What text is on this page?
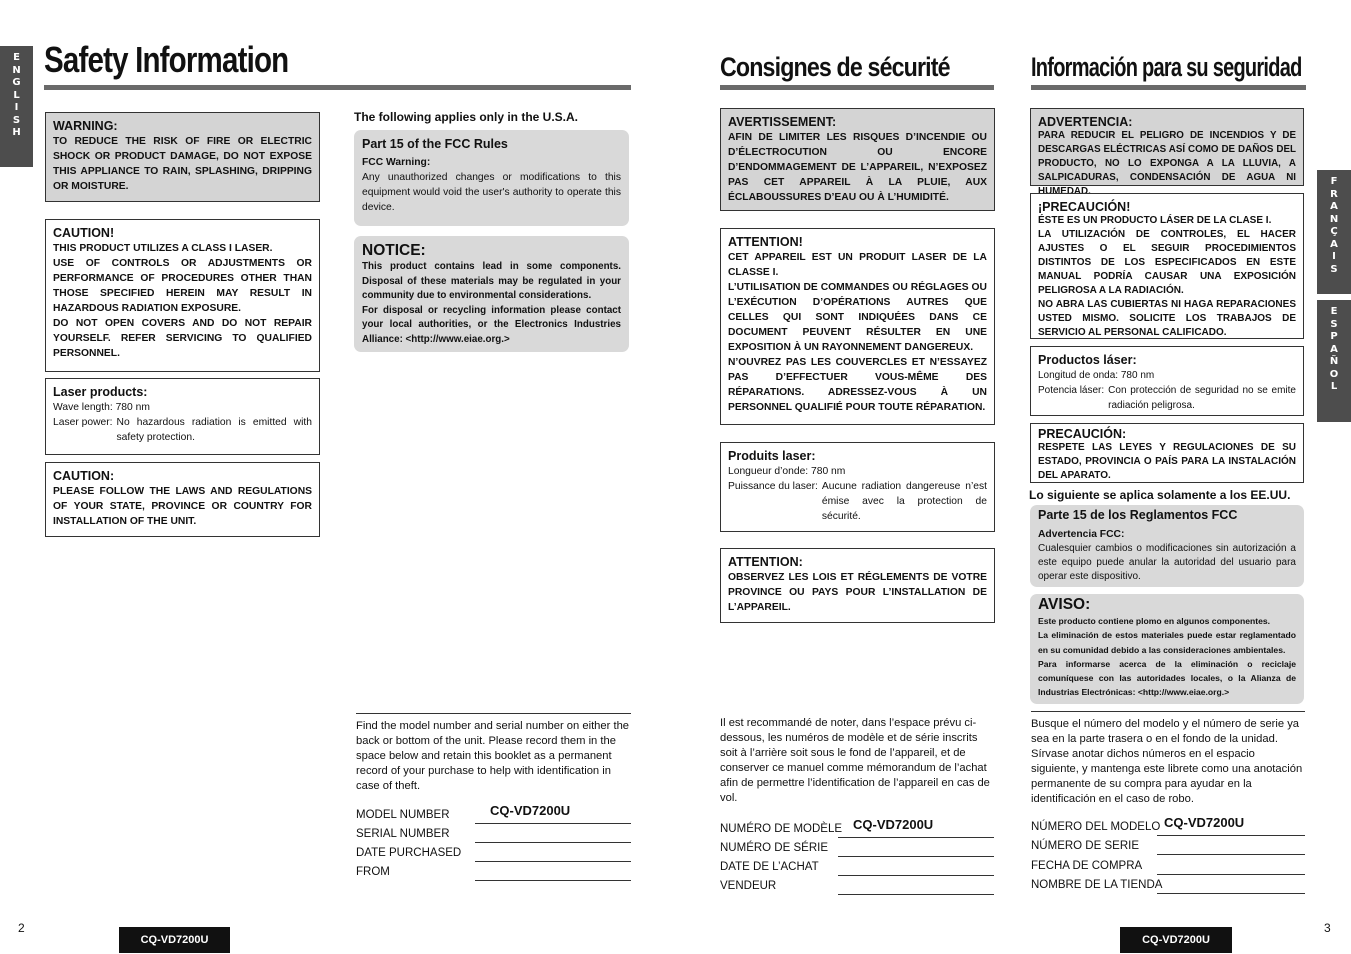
E
N
G
L
I
S
H
F
R
A
N
Ç
A
I
S
E
S
P
A
Ñ
O
L
Safety Information
WARNING:
TO REDUCE THE RISK OF FIRE OR ELECTRIC SHOCK OR PRODUCT DAMAGE, DO NOT EXPOSE THIS APPLIANCE TO RAIN, SPLASHING, DRIPPING OR MOISTURE.
CAUTION!

THIS PRODUCT UTILIZES A CLASS I LASER.

USE OF CONTROLS OR ADJUSTMENTS OR PERFORMANCE OF PROCEDURES OTHER THAN THOSE SPECIFIED HEREIN MAY RESULT IN HAZARDOUS RADIATION EXPOSURE.

DO NOT OPEN COVERS AND DO NOT REPAIR YOURSELF. REFER SERVICING TO QUALIFIED PERSONNEL.

Laser products:
Wave length: 780 nm
Laser power: No hazardous radiation is emitted with safety protection.
CAUTION:
PLEASE FOLLOW THE LAWS AND REGULATIONS OF YOUR STATE, PROVINCE OR COUNTRY FOR INSTALLATION OF THE UNIT.
The following applies only in the U.S.A.
Part 15 of the FCC Rules
FCC Warning:
Any unauthorized changes or modifications to this equipment would void the user's authority to operate this device.
NOTICE:
This product contains lead in some components. Disposal of these materials may be regulated in your community due to environmental considerations.
For disposal or recycling information please contact your local authorities, or the Electronics Industries Alliance: <http://www.eiae.org.>
Find the model number and serial number on either the back or bottom of the unit. Please record them in the space below and retain this booklet as a permanent record of your purchase to help with identification in case of theft.
MODEL NUMBER	CQ-VD7200U
SERIAL NUMBER
DATE PURCHASED
FROM
2
CQ-VD7200U
Consignes de sécurité
AVERTISSEMENT:
AFIN DE LIMITER LES RISQUES D’INCENDIE OU D’ÉLECTROCUTION OU ENCORE D’ENDOMMAGEMENT DE L’APPAREIL, N’EXPOSEZ PAS CET APPAREIL À LA PLUIE, AUX ÉCLABOUSSURES D’EAU OU À L’HUMIDITÉ.
ATTENTION!

CET APPAREIL EST UN PRODUIT LASER DE LA CLASSE I.

L’UTILISATION DE COMMANDES OU RÉGLAGES OU L’EXÉCUTION D’OPÉRATIONS AUTRES QUE CELLES QUI SONT INDIQUÉES DANS CE DOCUMENT PEUVENT RÉSULTER EN UNE EXPOSITION À UN RAYONNEMENT DANGEREUX.

N’OUVREZ PAS LES COUVERCLES ET N’ESSAYEZ PAS D’EFFECTUER VOUS-MÊME DES RÉPARATIONS. ADRESSEZ-VOUS À UN PERSONNEL QUALIFIÉ POUR TOUTE RÉPARATION.

Produits laser:
Longueur d’onde: 780 nm
Puissance du laser: Aucune radiation dangereuse n’est émise avec la protection de sécurité.
ATTENTION:
OBSERVEZ LES LOIS ET RÉGLEMENTS DE VOTRE PROVINCE OU PAYS POUR L’INSTALLATION DE L’APPAREIL.
Il est recommandé de noter, dans l’espace prévu ci-dessous, les numéros de modèle et de série inscrits soit à l’arrière soit sous le fond de l’appareil, et de conserver ce manuel comme mémorandum de l’achat afin de permettre l’identification de l’appareil en cas de vol.
NUMÉRO DE MODÈLE CQ-VD7200U
NUMÉRO DE SÉRIE
DATE DE L’ACHAT
VENDEUR
Información para su seguridad
ADVERTENCIA:
PARA REDUCIR EL PELIGRO DE INCENDIOS Y DE DESCARGAS ELÉCTRICAS ASÍ COMO DE DAÑOS DEL PRODUCTO, NO LO EXPONGA A LA LLUVIA, A SALPICADURAS, CONDENSACIÓN DE AGUA NI HUMEDAD.
¡PRECAUCIÓN!

ÉSTE ES UN PRODUCTO LÁSER DE LA CLASE I.

LA UTILIZACIÓN DE CONTROLES, EL HACER AJUSTES O EL SEGUIR PROCEDIMIENTOS DISTINTOS DE LOS ESPECIFICADOS EN ESTE MANUAL PODRÍA CAUSAR UNA EXPOSICIÓN PELIGROSA A LA RADIACIÓN.

NO ABRA LAS CUBIERTAS NI HAGA REPARACIONES USTED MISMO. SOLICITE LOS TRABAJOS DE SERVICIO AL PERSONAL CALIFICADO.

Productos láser:
Longitud de onda: 780 nm
Potencia láser: Con protección de seguridad no se emite radiación peligrosa.
PRECAUCIÓN:
RESPETE LAS LEYES Y REGULACIONES DE SU ESTADO, PROVINCIA O PAÍS PARA LA INSTALACIÓN DEL APARATO.
Lo siguiente se aplica solamente a los EE.UU.
Parte 15 de los Reglamentos FCC
Advertencia FCC:
Cualesquier cambios o modificaciones sin autorización a este equipo puede anular la autoridad del usuario para operar este dispositivo.
AVISO:
Este producto contiene plomo en algunos componentes.
La eliminación de estos materiales puede estar reglamentado en su comunidad debido a las consideraciones ambientales.
Para informarse acerca de la eliminación o reciclaje comuníquese con las autoridades locales, o la Alianza de Industrias Electrónicas: <http://www.eiae.org.>
Busque el número del modelo y el número de serie ya sea en la parte trasera o en el fondo de la unidad. Sírvase anotar dichos números en el espacio siguiente, y mantenga este librete como una anotación permanente de su compra para ayudar en la identificación en el caso de robo.
NÚMERO DEL MODELO CQ-VD7200U
NÚMERO DE SERIE
FECHA DE COMPRA
NOMBRE DE LA TIENDA
CQ-VD7200U
3
